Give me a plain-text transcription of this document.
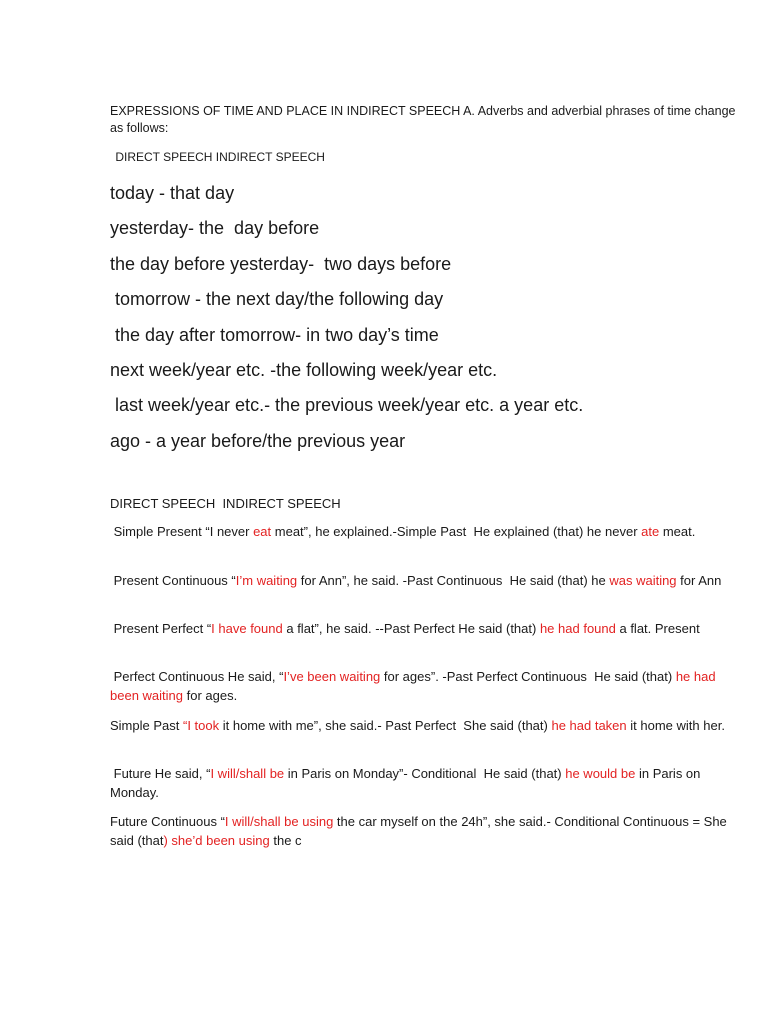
EXPRESSIONS OF TIME AND PLACE IN INDIRECT SPEECH A. Adverbs and adverbial phrases of time change as follows:

DIRECT SPEECH INDIRECT SPEECH

today - that day
yesterday- the  day before
the day before yesterday-  two days before
tomorrow - the next day/the following day
the day after tomorrow- in two day’s time
next week/year etc. -the following week/year etc.
last week/year etc.- the previous week/year etc. a year etc.
ago - a year before/the previous year

DIRECT SPEECH  INDIRECT SPEECH

Simple Present “I never eat meat”, he explained.-Simple Past  He explained (that) he never ate meat.

Present Continuous “I’m waiting for Ann”, he said. -Past Continuous  He said (that) he was waiting for Ann

Present Perfect “I have found a flat”, he said. --Past Perfect He said (that) he had found a flat. Present

Perfect Continuous He said, “I’ve been waiting for ages”. -Past Perfect Continuous  He said (that) he had been waiting for ages.

Simple Past “I took it home with me”, she said.- Past Perfect  She said (that) he had taken it home with her.

Future He said, “I will/shall be in Paris on Monday”- Conditional  He said (that) he would be in Paris on Monday.

Future Continuous “I will/shall be using the car myself on the 24h”, she said.- Conditional Continuous = She said (that) she’d been using the c
